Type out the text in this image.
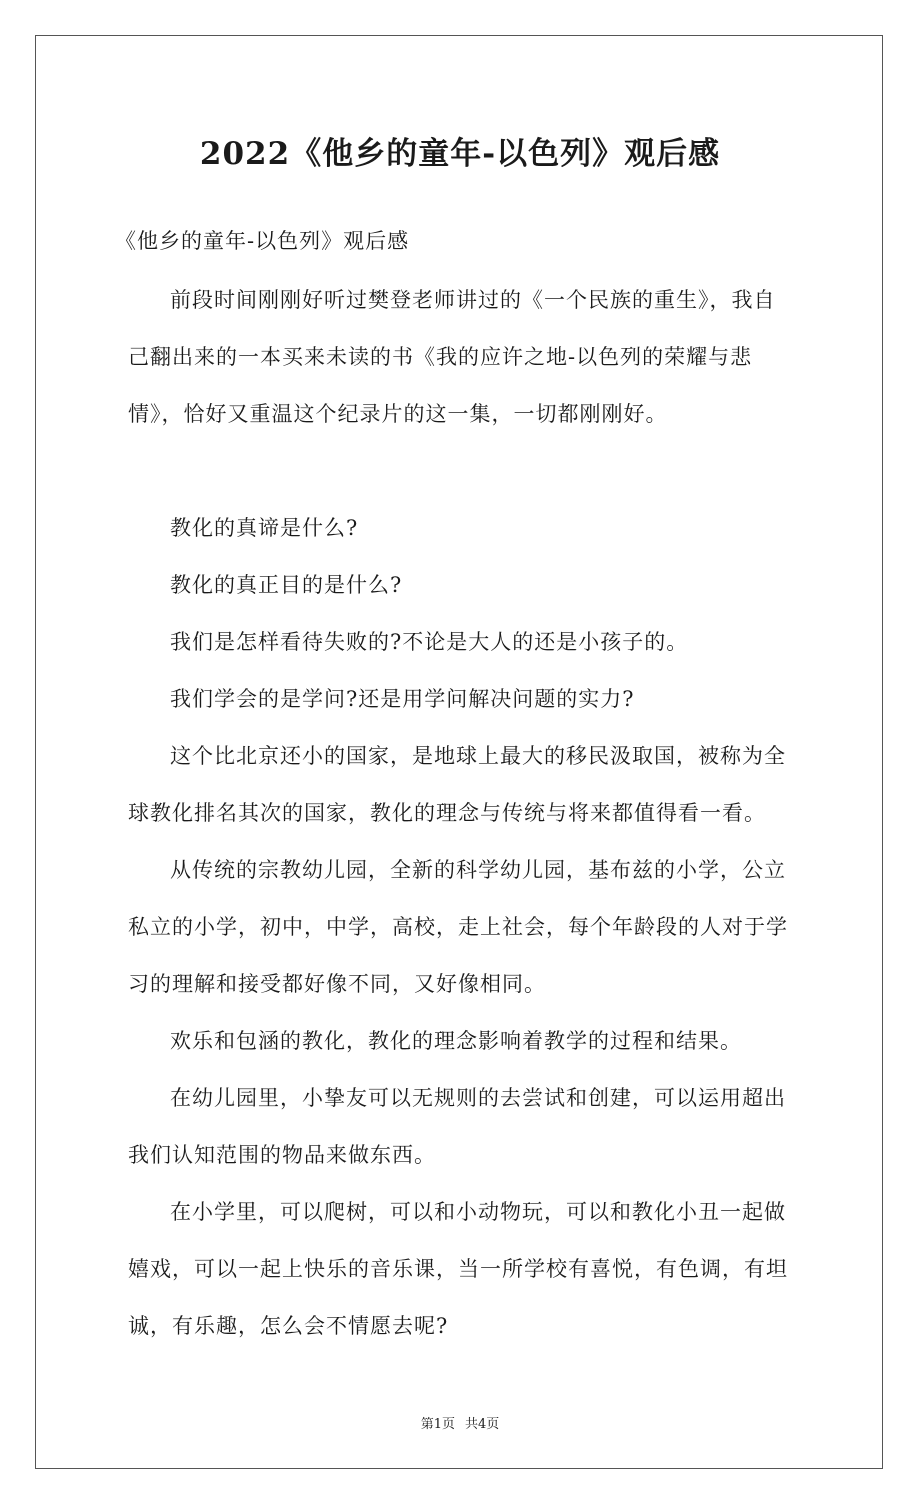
2022《他乡的童年-以色列》观后感

《他乡的童年-以色列》观后感

前段时间刚刚好听过樊登老师讲过的《一个民族的重生》，我自己翻出来的一本买来未读的书《我的应许之地-以色列的荣耀与悲情》，恰好又重温这个纪录片的这一集，一切都刚刚好。

教化的真谛是什么?

教化的真正目的是什么?

我们是怎样看待失败的?不论是大人的还是小孩子的。

我们学会的是学问?还是用学问解决问题的实力?

这个比北京还小的国家，是地球上最大的移民汲取国，被称为全球教化排名其次的国家，教化的理念与传统与将来都值得看一看。

从传统的宗教幼儿园，全新的科学幼儿园，基布兹的小学，公立私立的小学，初中，中学，高校，走上社会，每个年龄段的人对于学习的理解和接受都好像不同，又好像相同。

欢乐和包涵的教化，教化的理念影响着教学的过程和结果。

在幼儿园里，小挚友可以无规则的去尝试和创建，可以运用超出我们认知范围的物品来做东西。

在小学里，可以爬树，可以和小动物玩，可以和教化小丑一起做嬉戏，可以一起上快乐的音乐课，当一所学校有喜悦，有色调，有坦诚，有乐趣，怎么会不情愿去呢?

第1页 共4页
